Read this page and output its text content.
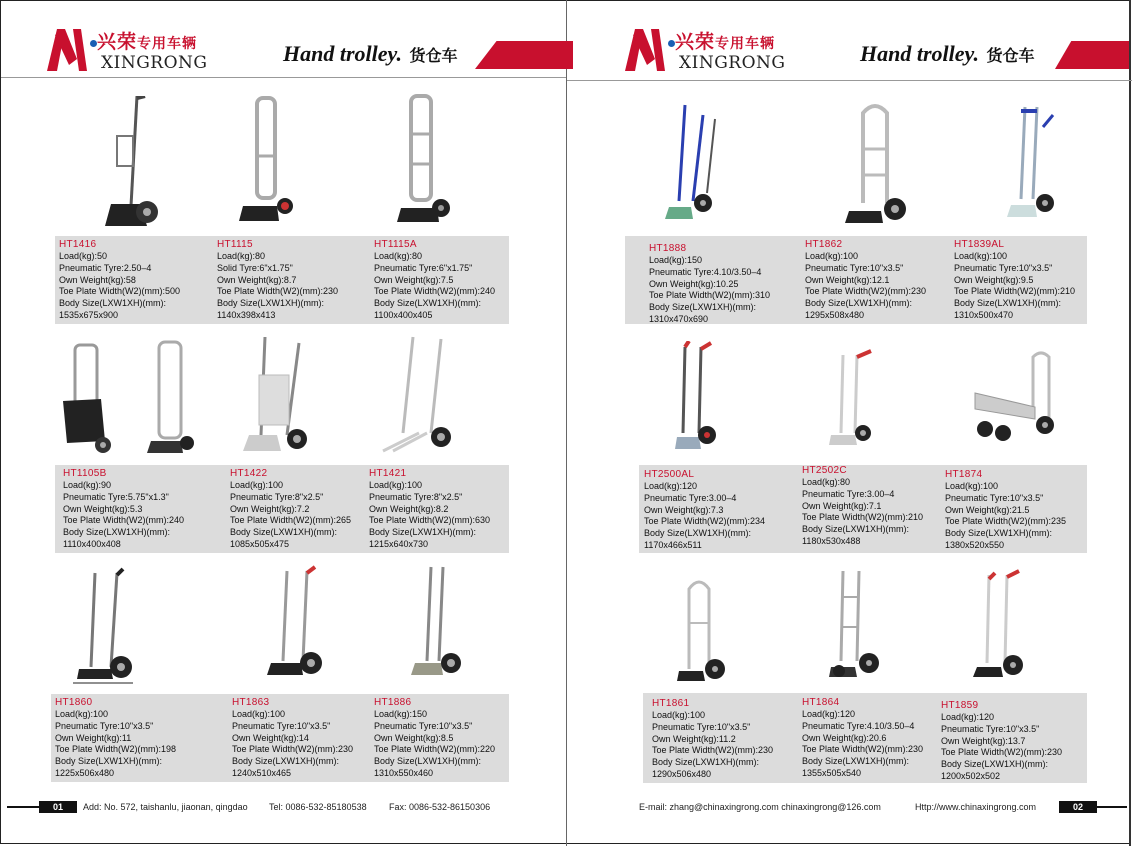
兴荣专用车辆
XINGRONG	Hand trolley. 货仓车
HT1416
Load(kg):50
Pneumatic Tyre:2.50–4
Own Weight(kg):58
Toe Plate Width(W2)(mm):500
Body Size(LXW1XH)(mm):
1535x675x900
HT1115
Load(kg):80
Solid Tyre:6"x1.75"
Own Weight(kg):8.7
Toe Plate Width(W2)(mm):230
Body Size(LXW1XH)(mm):
1140x398x413
HT1115A
Load(kg):80
Pneumatic Tyre:6"x1.75"
Own Weight(kg):7.5
Toe Plate Width(W2)(mm):240
Body Size(LXW1XH)(mm):
1100x400x405
HT1105B
Load(kg):90
Pneumatic Tyre:5.75"x1.3"
Own Weight(kg):5.3
Toe Plate Width(W2)(mm):240
Body Size(LXW1XH)(mm):
1110x400x408
HT1422
Load(kg):100
Pneumatic Tyre:8"x2.5"
Own Weight(kg):7.2
Toe Plate Width(W2)(mm):265
Body Size(LXW1XH)(mm):
1085x505x475
HT1421
Load(kg):100
Pneumatic Tyre:8"x2.5"
Own Weight(kg):8.2
Toe Plate Width(W2)(mm):630
Body Size(LXW1XH)(mm):
1215x640x730
HT1860
Load(kg):100
Pneumatic Tyre:10"x3.5"
Own Weight(kg):11
Toe Plate Width(W2)(mm):198
Body Size(LXW1XH)(mm):
1225x506x480
HT1863
Load(kg):100
Pneumatic Tyre:10"x3.5"
Own Weight(kg):14
Toe Plate Width(W2)(mm):230
Body Size(LXW1XH)(mm):
1240x510x465
HT1886
Load(kg):150
Pneumatic Tyre:10"x3.5"
Own Weight(kg):8.5
Toe Plate Width(W2)(mm):220
Body Size(LXW1XH)(mm):
1310x550x460
01	Add: No. 572, taishanlu, jiaonan, qingdao Tel: 0086-532-85180538 Fax: 0086-532-86150306
兴荣专用车辆
XINGRONG	Hand trolley. 货仓车
HT1888
Load(kg):150
Pneumatic Tyre:4.10/3.50–4
Own Weight(kg):10.25
Toe Plate Width(W2)(mm):310
Body Size(LXW1XH)(mm):
1310x470x690
HT1862
Load(kg):100
Pneumatic Tyre:10"x3.5"
Own Weight(kg):12.1
Toe Plate Width(W2)(mm):230
Body Size(LXW1XH)(mm):
1295x508x480
HT1839AL
Load(kg):100
Pneumatic Tyre:10"x3.5"
Own Weight(kg):9.5
Toe Plate Width(W2)(mm):210
Body Size(LXW1XH)(mm):
1310x500x470
HT2500AL
Load(kg):120
Pneumatic Tyre:3.00–4
Own Weight(kg):7.3
Toe Plate Width(W2)(mm):234
Body Size(LXW1XH)(mm):
1170x466x511
HT2502C
Load(kg):80
Pneumatic Tyre:3.00–4
Own Weight(kg):7.1
Toe Plate Width(W2)(mm):210
Body Size(LXW1XH)(mm):
1180x530x488
HT1874
Load(kg):100
Pneumatic Tyre:10"x3.5"
Own Weight(kg):21.5
Toe Plate Width(W2)(mm):235
Body Size(LXW1XH)(mm):
1380x520x550
HT1861
Load(kg):100
Pneumatic Tyre:10"x3.5"
Own Weight(kg):11.2
Toe Plate Width(W2)(mm):230
Body Size(LXW1XH)(mm):
1290x506x480
HT1864
Load(kg):120
Pneumatic Tyre:4.10/3.50–4
Own Weight(kg):20.6
Toe Plate Width(W2)(mm):230
Body Size(LXW1XH)(mm):
1355x505x540
HT1859
Load(kg):120
Pneumatic Tyre:10"x3.5"
Own Weight(kg):13.7
Toe Plate Width(W2)(mm):230
Body Size(LXW1XH)(mm):
1200x502x502
E-mail: zhang@chinaxingrong.com chinaxingrong@126.com	Http://www.chinaxingrong.com	02
